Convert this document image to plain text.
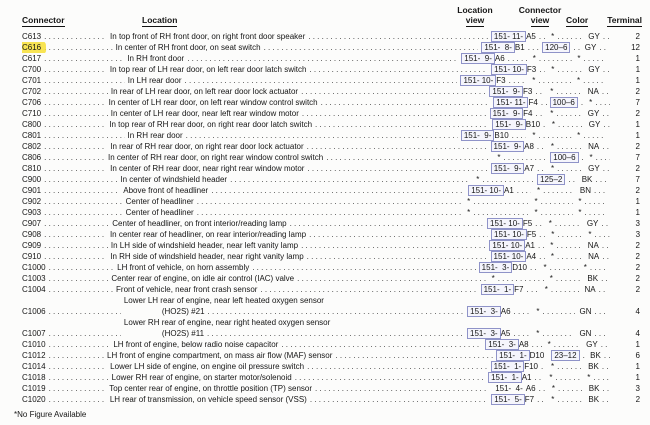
Connector	Location
Location
view
Connector
view Color Terminal
C613 . . .	In top front of RH front door, on right front door speaker . . .	151- 11- A5 . . .	* . . .	GY . . .	2
C616 . . .	In center of RH front door, on seat switch . . .	151-  8- B1 . . .	120–6 . . .	GY . . .	12
C617 . . .	In RH front door . . .	151-  9- A6 . . .	* . . .	* . . .	1
C700 . . .	In top rear of LH rear door, on left rear door latch switch . . .	151- 10- F3 . . .	* . . .	GY . . .	1
C701 . . .	In LH rear door . . .	151- 10- F3 . . .	* . . .	* . . .	1
C702 . . .	In rear of LH rear door, on left rear door lock actuator . . .	151-  9- F3 . . .	* . . .	NA . . .	2
C706 . . .	In center of LH rear door, on left rear window control switch . . .	151- 11- F4 . . .	100–6 . . .	* . . .	7
C710 . . .	In center of LH rear door, near left rear window motor . . .	151-  9- F4 . . .	* . . .	GY . . .	2
C800 . . .	In top rear of RH rear door, on right rear door latch switch . . .	151-  9- B10 . . .	* . . .	GY . . .	1
C801 . . .	In RH rear door . . .	151-  9- B10 . . .	* . . .	* . . .	1
C802 . . .	In rear of RH rear door, on right rear door lock actuator . . .	151-  9- A8 . . .	* . . .	NA . . .	2
C806 . . .	In center of RH rear door, on right rear window control switch . . .	* . . .	100–6 . . .	* . . .	7
C810 . . .	In center of RH rear door, near right rear window motor . . .	151-  9- A7 . . .	* . . .	GY . . .	2
C900 . . .	In center of windshield header . . .	* . . .	125–2 . . .	BK . . .	7
C901 . . .	Above front of headliner . . .	151- 10- A1 . . .	* . . .	BN . . .	2
C902 . . .	Center of headliner . . .	* . . .	* . . .	* . . .	1
C903 . . .	Center of headliner . . .	* . . .	* . . .	* . . .	1
C907 . . .	Center of headliner, on front interior/reading lamp . . .	151- 10- F5 . . .	* . . .	GY . . .	3
C908 . . .	In center rear of headliner, on rear interior/reading lamp . . .	151- 10- F5 . . .	* . . .	* . . .	3
C909 . . .	In LH side of windshield header, near left vanity lamp . . .	151- 10- A1 . . .	* . . .	NA . . .	2
C910 . . .	In RH side of windshield header, near right vanity lamp . . .	151- 10- A4 . . .	* . . .	NA . . .	2
C1000 . . .	LH front of vehicle, on horn assembly . . .	151-  3- D10 . . .	* . . .	* . . .	2
C1003 . . .	Center rear of engine, on idle air control (IAC) valve . . .	* . . .	* . . .	BK . . .	2
C1004 . . .	Front of vehicle, near front crash sensor . . .	151-  1- F7 . . .	* . . .	NA . . .	2
C1006
. . .
Lower LH rear of engine, near left heated oxygen sensor
(HO2S) #21 . . .	151-  3- A6 . . .	* . . .	GN . . .	4
C1007
. . .
Lower RH rear of engine, near right heated oxygen sensor
(HO2S) #11 . . .	151-  3- A5 . . .	* . . .	GN . . .	4
C1010 . . .	LH front of engine, below radio noise capacitor . . .	151-  3- A8 . . .	* . . .	GY . . .	1
C1012 . . .	LH front of engine compartment, on mass air flow (MAF) sensor . . .	151-  1- D10 . . .	23–12 . . .	BK . . .	6
C1014 . . .	Lower LH side of engine, on engine oil pressure switch . . .	151-  1- F10 . . .	* . . .	BK . . .	1
C1018 . . .	Lower RH rear of engine, on starter motor/solenoid . . .	151-  1- A1 . . .	* . . .	* . . .	1
C1019 . . .	Top center rear of engine, on throttle position (TP) sensor . . .	151-  4- A6 . . .	* . . .	BK . . .	3
C1020 . . .	LH rear of transmission, on vehicle speed sensor (VSS) . . .	151-  5- F7 . . .	* . . .	BK . . .	2
*No Figure Available
